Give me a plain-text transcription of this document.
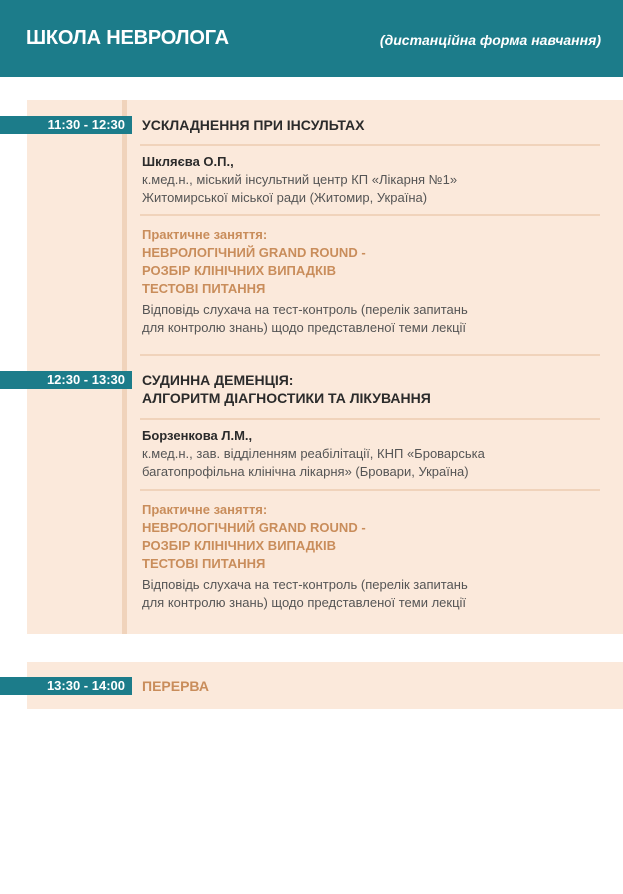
ШКОЛА НЕВРОЛОГА	(дистанційна форма навчання)
11:30 - 12:30	УСКЛАДНЕННЯ ПРИ ІНСУЛЬТАХ
Шкляєва О.П.,
к.мед.н., міський інсультний центр КП «Лікарня №1»
Житомирської міської ради (Житомир, Україна)
Практичне заняття:
НЕВРОЛОГІЧНИЙ GRAND ROUND -
РОЗБІР КЛІНІЧНИХ ВИПАДКІВ
ТЕСТОВІ ПИТАННЯ
Відповідь слухача на тест-контроль (перелік запитань
для контролю знань) щодо представленої теми лекції
12:30 - 13:30	СУДИННА ДЕМЕНЦІЯ:
АЛГОРИТМ ДІАГНОСТИКИ ТА ЛІКУВАННЯ
Борзенкова Л.М.,
к.мед.н., зав. відділенням реабілітації, КНП «Броварська
багатопрофільна клінічна лікарня» (Бровари, Україна)
Практичне заняття:
НЕВРОЛОГІЧНИЙ GRAND ROUND -
РОЗБІР КЛІНІЧНИХ ВИПАДКІВ
ТЕСТОВІ ПИТАННЯ
Відповідь слухача на тест-контроль (перелік запитань
для контролю знань) щодо представленої теми лекції
13:30 - 14:00	ПЕРЕРВА
